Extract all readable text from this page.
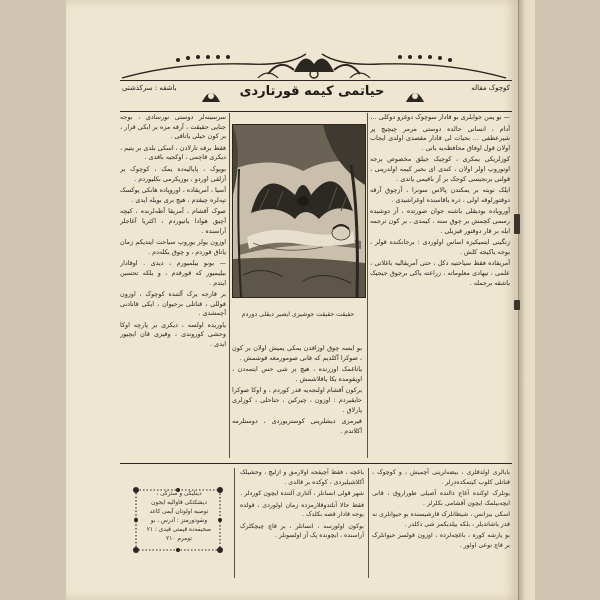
حیاتمی کیمه قورتاردی
باشقه : سرکذشتی	کوچوک مقاله

— بو یمن جوابلری بو قادار سوچوک دوغرو دوکلی …

آدام ، انسانی حالده دوستی مرمر چیچیچ پر شیرعطفی … بحیات لی قادار مقصدی اولدی ایجاب اولان قول اوفاق محافظه‌یه یاتی .

کوزلریکی یمکری ، کوچیک جیلق مخصوص برجه اوتوروپ اولر اولان ، کندی ای بحیر کیمه اولدرینی ، قولنی برنجیسی کوجک بر آز باقیمی یاتدی .

ایلک نوبته بر یمکندن پالاس سونرا ، آزچوق آرقه دوقتورلوقه اولی ، دره یاقاسنده اوغراشیدی .

آوروپاده بودیقلی باشنه جوان صورتده ، آز دوشیده رسمی کچمش بر چوق سنه ، کیمدی ، بر کون ترجمه ایله بر قار دوقتور قیزیلی .

زنگینی ایتمیکیزه اساس اولوردی : برجانکنده قولر ، بوجه یاکیجه کلش .

آمریقاده فقط سیاحتیه دکل ، حتی آمریقالیه باغلاتی ، علمی ، تیهادی معلوماته ، زراعته یاکی برجوق جیجیک باشقه برجمله .

سرسینه‌لر دوستی نورسادی ، بوجه جنایی حقیقت ، آرقه مزه بر ایکی قرار ، بر کون حیلی یاتاقی .

فقط برقه تارلادن ، اسکی بلدی بر یتیم ، دیکری قاچمی ، اوکجیه باقدی .

بویوک ، پاپالیه‌ده یمک ، کوچوک بر آزلقی اوردو ، یوزیکرمی بکلیوردم .

آسیا ، آمریقاده ، اوروپاده هانکی پوکسک تپه‌لره چیقدم ، هیچ بری بویله ایدی .

صوک آقشام ، آمریقا آطه‌لرنده ، کیچه آچیق هوادا یاتیوردم ، اکثریا آغاجلر آراسنده .

اوزون یولر یوروپ سیاحت ایتدیکم زمان یاتاق قوردم ، و چوق بکله‌دم .

— بونو بیلمیورم ، دیدی . اوقادار بیلیمیور که قورقدم ، و بلکه تحسین ایتدم .

بر قارجه یرک آلتنده کوچوک ، اوزون قوللی ، قناتلی برحیوان ، ایکی قانادنی آچمشدی .

یاوریده اولسه ، دیکری بر پارچه اوکا وحشی کوروندی ، وقیزی قان ایچیور ایدی .

حقیقت حقیقت جوشیزی ایصیر دیقلی دوردم

بو ایسه چوق اوزاقدن یمکی یمیش اولان بر کون ، صوکرا آکلدیم که قانی صومورمغه قوشمش .

یاتاغمک اوزرنده ، هیچ بر شی حس ایتمه‌دن ، اویقومده بکا یاقلاشمش .

برکون آقشام اولنجه‌یه قدر کوردم ، و اوکا صوکرا حایقیردم : اوزون ، چیرکین ، جناحلی ، کوزلری پارلاق .

قیرمزی دیشلرینی کوستریوردی ، دوستلرمه آکلاتدم .

بابالری اولدقلری ، بیضه‌لرینی آچمیش ، و کوچوک ، قناتلی کلوب کیتمکده‌درلر .

بونلرک اوکنده آغاج دالنده آصیلی طوراروق ، قانی ایچه‌بیلمک ایچون آقشامی بکلرلر .

اسکی بیزانس ، شیطانلرک قارشیسنده بو حیوانلری نه قدر یاشاتدیلر ، بلکه بیلدیکمز شی دکلدر .

بو یارشه کوره ، باغچه‌لرده ، اوزون قولسز حیوانلرک بر قاچ نوعی اولور .

باغچه ، فقط آچیقجه اولارمق و ازلیچ ، وحشیلک آکلاشیلیردی ، کوکده بر قالدی .

شهر قولی انسانلر ، آلتاری آلتنده ایچون کوردلر .

فقط حالا آنلتدوقلارمزده زمان اولوردی ، قولده بوجه قادار قصه بکلدک .

بوکون اولورسه ، انسانلر ، بر قاچ چیچکلرک آراسنده ، ایچونده پک آز اولسونلر .

دینلیکی و سئزکی ، دیشکتکی قاوالیه ایجون توصیه اولونان آیمی کاغد ونقودورمنز : آدرس ، بو صحيفه‌ده قیمتی قیدی : ۲۱ تومرم ۲۱۰
